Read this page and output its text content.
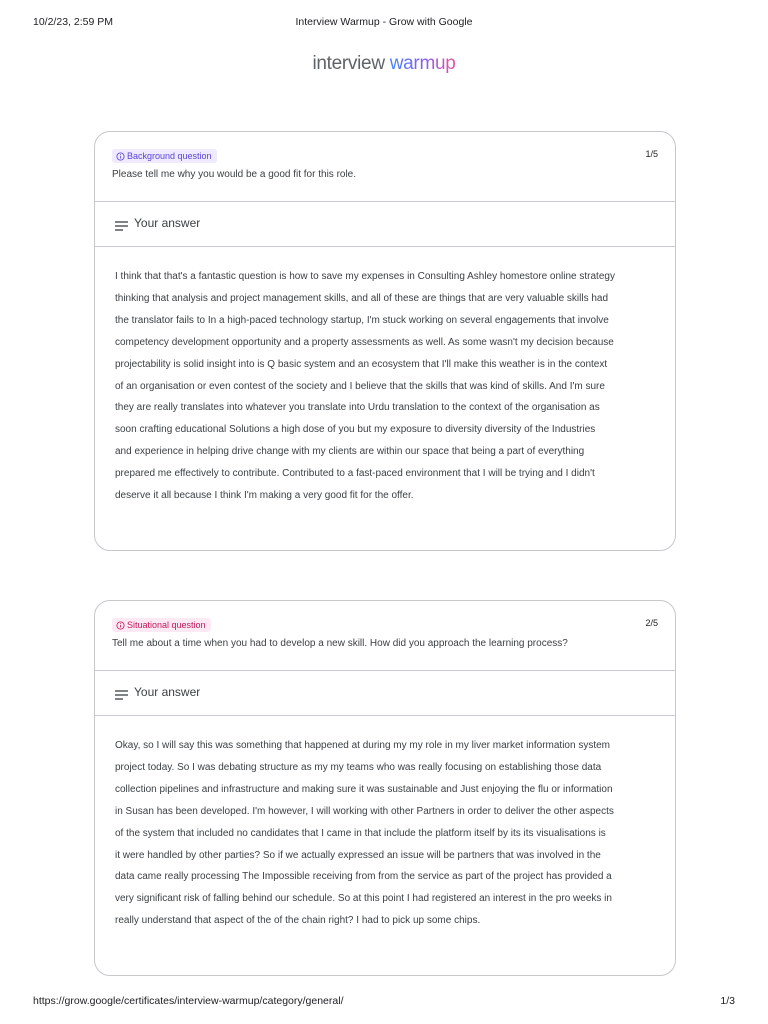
10/2/23, 2:59 PM	Interview Warmup - Grow with Google
interview warmup
Background question	1/5
Please tell me why you would be a good fit for this role.
Your answer
I think that that's a fantastic question is how to save my expenses in Consulting Ashley homestore online strategy
thinking that analysis and project management skills, and all of these are things that are very valuable skills had
the translator fails to In a high-paced technology startup, I'm stuck working on several engagements that involve
competency development opportunity and a property assessments as well. As some wasn't my decision because
projectability is solid insight into is Q basic system and an ecosystem that I'll make this weather is in the context
of an organisation or even contest of the society and I believe that the skills that was kind of skills. And I'm sure
they are really translates into whatever you translate into Urdu translation to the context of the organisation as
soon crafting educational Solutions a high dose of you but my exposure to diversity diversity of the Industries
and experience in helping drive change with my clients are within our space that being a part of everything
prepared me effectively to contribute. Contributed to a fast-paced environment that I will be trying and I didn't
deserve it all because I think I'm making a very good fit for the offer.
Situational question	2/5
Tell me about a time when you had to develop a new skill. How did you approach the learning process?
Your answer
Okay, so I will say this was something that happened at during my my role in my liver market information system
project today. So I was debating structure as my my teams who was really focusing on establishing those data
collection pipelines and infrastructure and making sure it was sustainable and Just enjoying the flu or information
in Susan has been developed. I'm however, I will working with other Partners in order to deliver the other aspects
of the system that included no candidates that I came in that include the platform itself by its its visualisations is
it were handled by other parties? So if we actually expressed an issue will be partners that was involved in the
data came really processing The Impossible receiving from from the service as part of the project has provided a
very significant risk of falling behind our schedule. So at this point I had registered an interest in the pro weeks in
really understand that aspect of the of the chain right? I had to pick up some chips.
https://grow.google/certificates/interview-warmup/category/general/	1/3
